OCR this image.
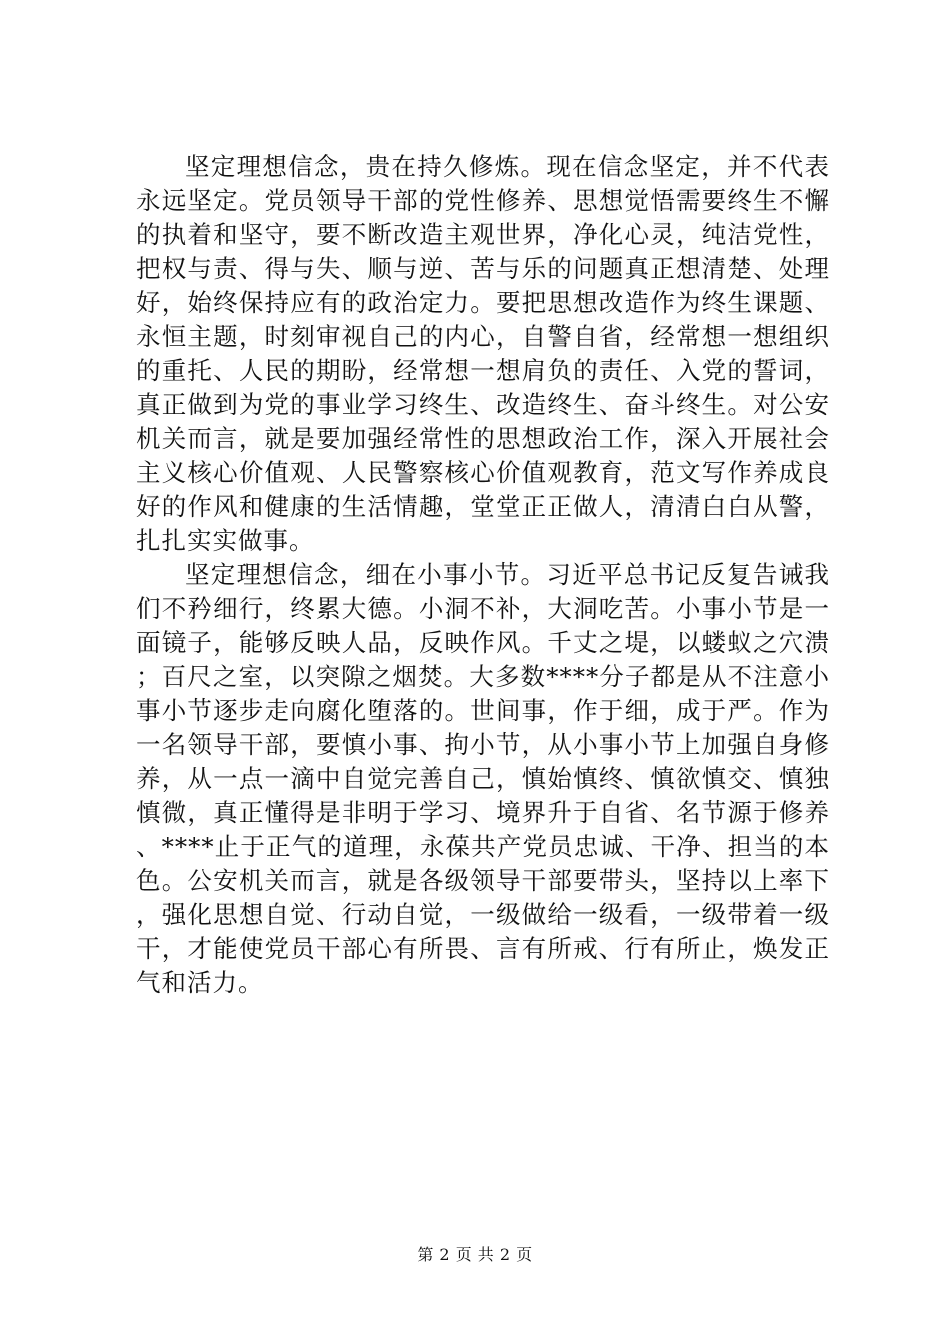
坚定理想信念，贵在持久修炼。现在信念坚定，并不代表永远坚定。党员领导干部的党性修养、思想觉悟需要终生不懈的执着和坚守，要不断改造主观世界，净化心灵，纯洁党性，把权与责、得与失、顺与逆、苦与乐的问题真正想清楚、处理好，始终保持应有的政治定力。要把思想改造作为终生课题、永恒主题，时刻审视自己的内心，自警自省，经常想一想组织的重托、人民的期盼，经常想一想肩负的责任、入党的誓词，真正做到为党的事业学习终生、改造终生、奋斗终生。对公安机关而言，就是要加强经常性的思想政治工作，深入开展社会主义核心价值观、人民警察核心价值观教育，范文写作养成良好的作风和健康的生活情趣，堂堂正正做人，清清白白从警，扎扎实实做事。

坚定理想信念，细在小事小节。习近平总书记反复告诫我们不矜细行，终累大德。小洞不补，大洞吃苦。小事小节是一面镜子，能够反映人品，反映作风。千丈之堤，以蝼蚁之穴溃；百尺之室，以突隙之烟焚。大多数****分子都是从不注意小事小节逐步走向腐化堕落的。世间事，作于细，成于严。作为一名领导干部，要慎小事、拘小节，从小事小节上加强自身修养，从一点一滴中自觉完善自己，慎始慎终、慎欲慎交、慎独慎微，真正懂得是非明于学习、境界升于自省、名节源于修养、****止于正气的道理，永葆共产党员忠诚、干净、担当的本色。公安机关而言，就是各级领导干部要带头，坚持以上率下，强化思想自觉、行动自觉，一级做给一级看，一级带着一级干，才能使党员干部心有所畏、言有所戒、行有所止，焕发正气和活力。

第 2 页 共 2 页
